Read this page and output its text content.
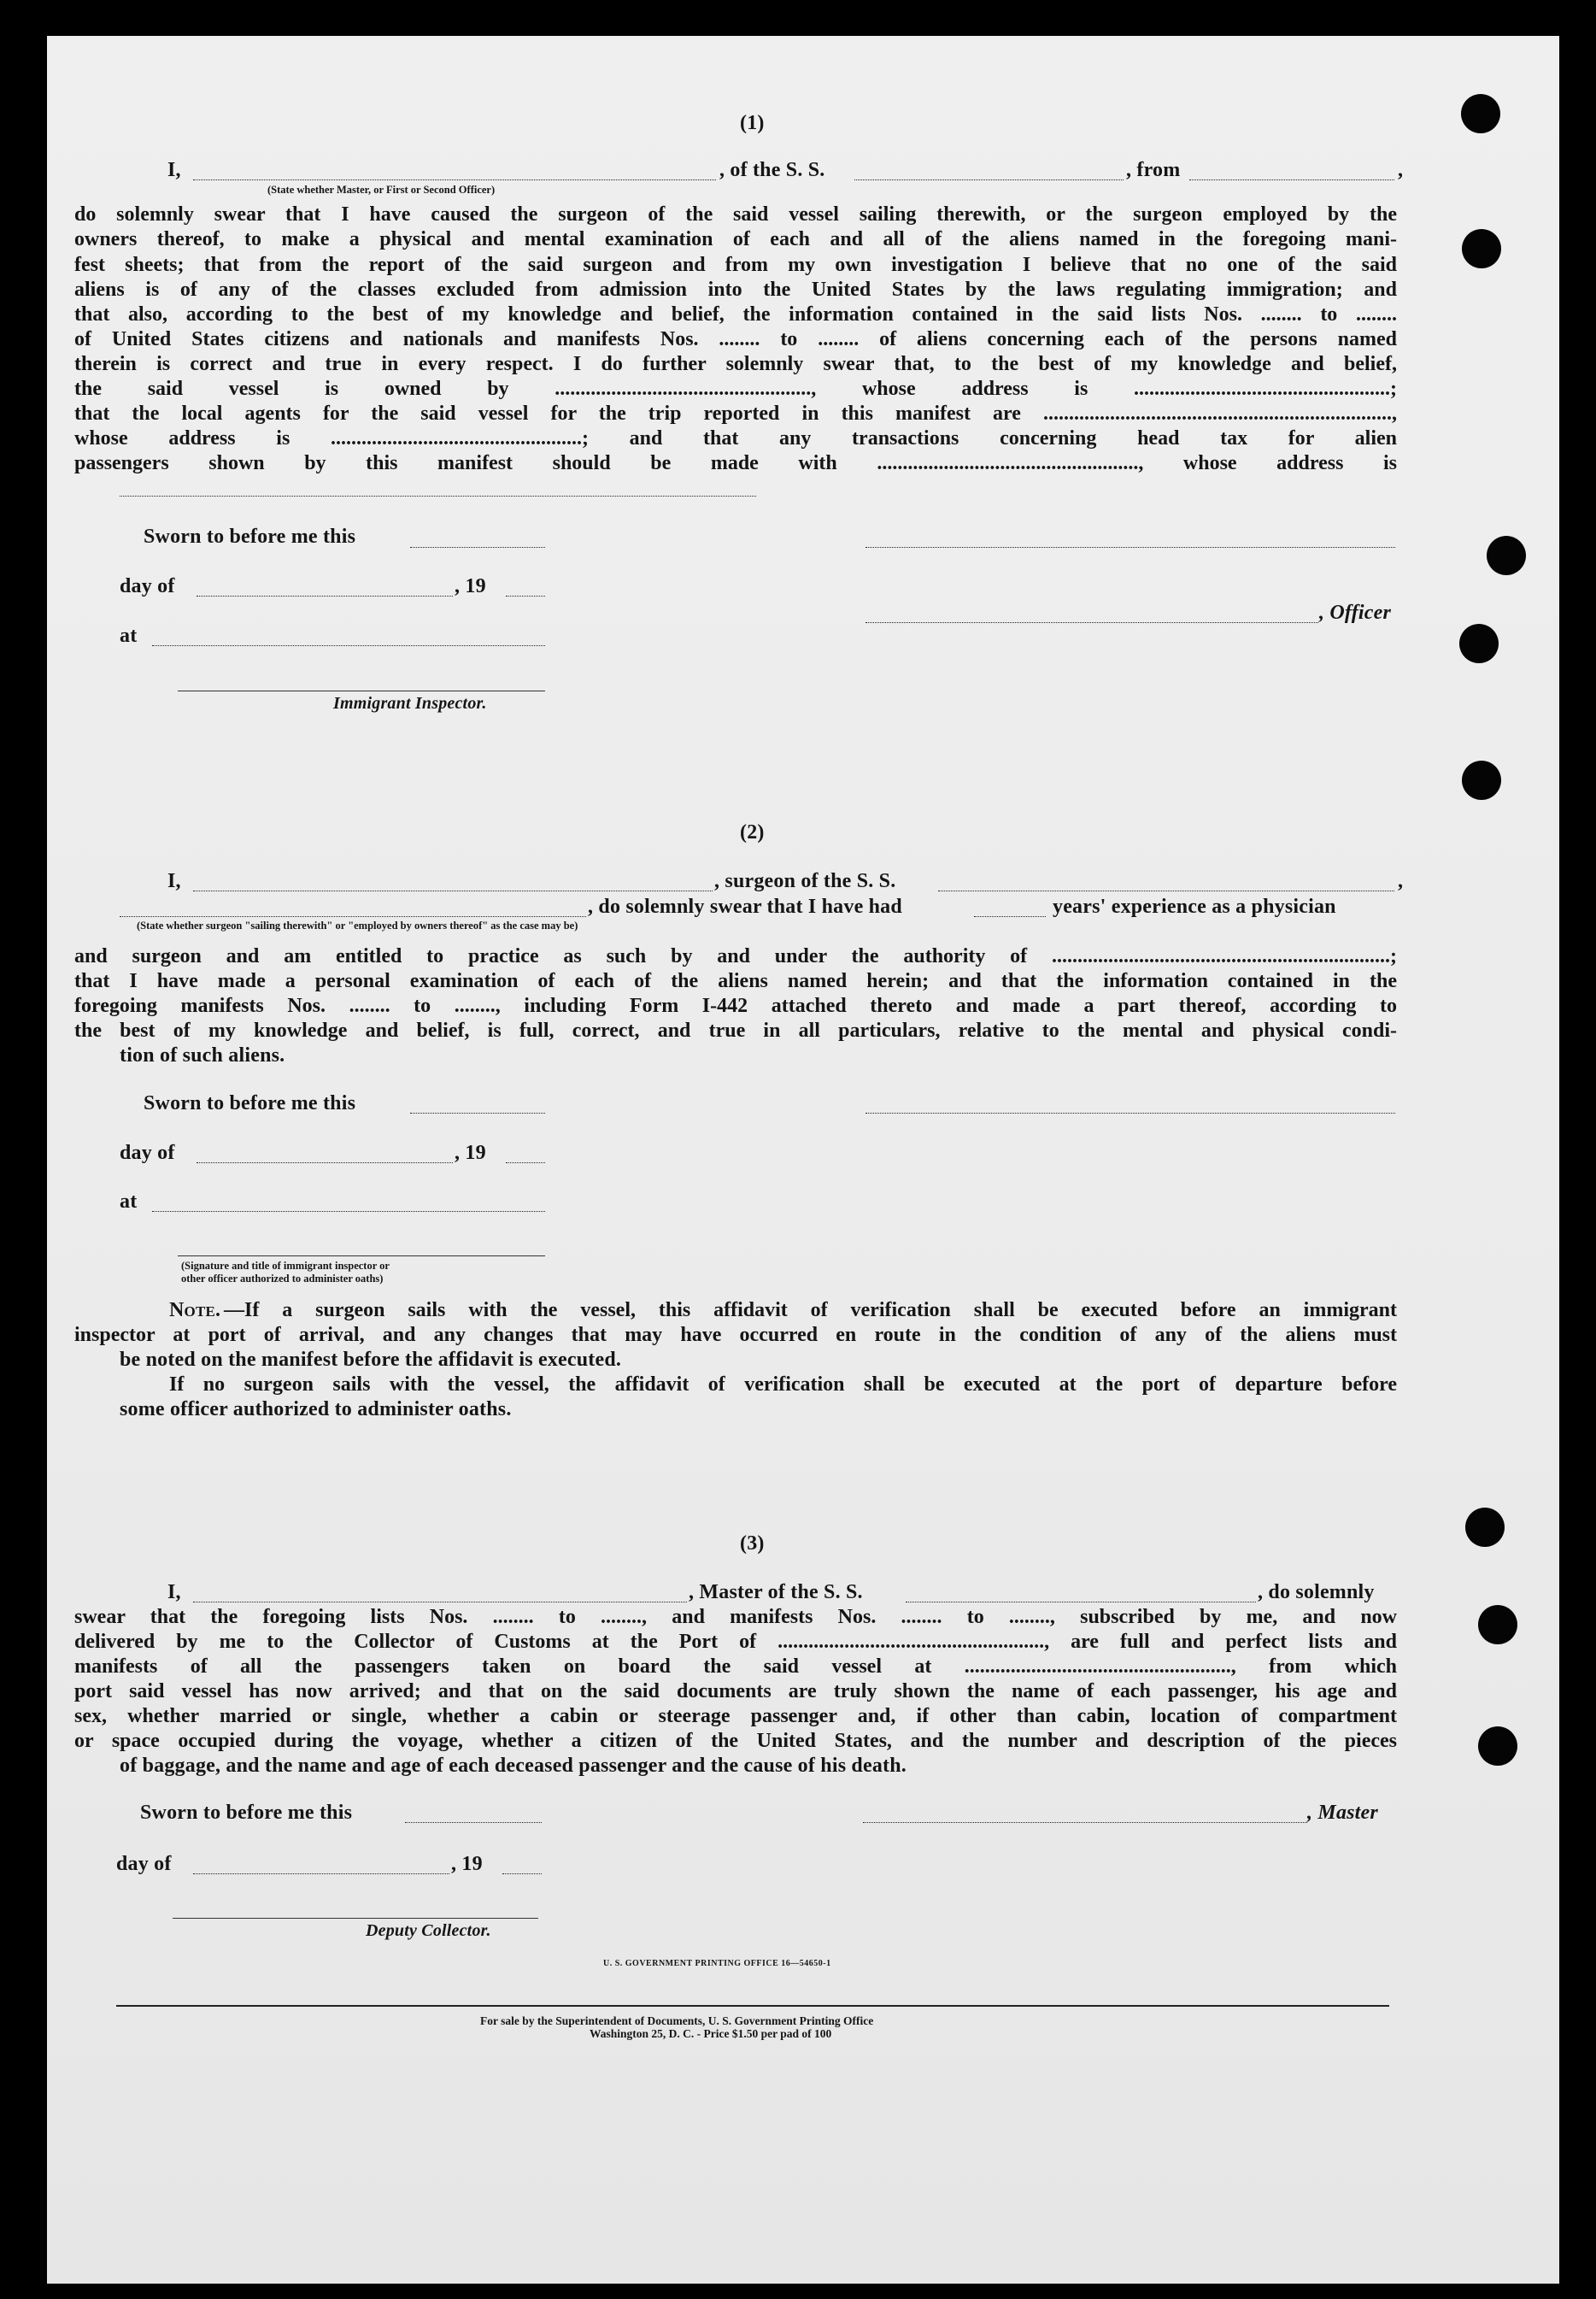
(1)
I,	, of the S. S.	, from	,
(State whether Master, or First or Second Officer)
do solemnly swear that I have caused the surgeon of the said vessel sailing therewith, or the surgeon employed by the
owners thereof, to make a physical and mental examination of each and all of the aliens named in the foregoing mani-
fest sheets; that from the report of the said surgeon and from my own investigation I believe that no one of the said
aliens is of any of the classes excluded from admission into the United States by the laws regulating immigration; and
that also, according to the best of my knowledge and belief, the information contained in the said lists Nos. ........ to ........
of United States citizens and nationals and manifests Nos. ........ to ........ of aliens concerning each of the persons named
therein is correct and true in every respect. I do further solemnly swear that, to the best of my knowledge and belief,
the said vessel is owned by .................................................., whose address is ..................................................;
that the local agents for the said vessel for the trip reported in this manifest are ....................................................................,
whose address is .................................................; and that any transactions concerning head tax for alien
passengers shown by this manifest should be made with ..................................................., whose address is
Sworn to before me this
day of	, 19
, Officer
at
Immigrant Inspector.
(2)
I,	, surgeon of the S. S.	,
, do solemnly swear that I have had	years' experience as a physician
(State whether surgeon "sailing therewith" or "employed by owners thereof" as the case may be)
and surgeon and am entitled to practice as such by and under the authority of ..................................................................;
that I have made a personal examination of each of the aliens named herein; and that the information contained in the
foregoing manifests Nos. ........ to ........, including Form I-442 attached thereto and made a part thereof, according to
the best of my knowledge and belief, is full, correct, and true in all particulars, relative to the mental and physical condi-
tion of such aliens.
Sworn to before me this
day of	, 19
at
(Signature and title of immigrant inspector or
other officer authorized to administer oaths)
Note. —If a surgeon sails with the vessel, this affidavit of verification shall be executed before an immigrant
inspector at port of arrival, and any changes that may have occurred en route in the condition of any of the aliens must
be noted on the manifest before the affidavit is executed.
If no surgeon sails with the vessel, the affidavit of verification shall be executed at the port of departure before
some officer authorized to administer oaths.
(3)
I,	, Master of the S. S.	, do solemnly
swear that the foregoing lists Nos. ........ to ........, and manifests Nos. ........ to ........, subscribed by me, and now
delivered by me to the Collector of Customs at the Port of ...................................................., are full and perfect lists and
manifests of all the passengers taken on board the said vessel at ...................................................., from which
port said vessel has now arrived; and that on the said documents are truly shown the name of each passenger, his age and
sex, whether married or single, whether a cabin or steerage passenger and, if other than cabin, location of compartment
or space occupied during the voyage, whether a citizen of the United States, and the number and description of the pieces
of baggage, and the name and age of each deceased passenger and the cause of his death.
Sworn to before me this	, Master
day of	, 19
Deputy Collector.
U. S. GOVERNMENT PRINTING OFFICE 16—54650-1
For sale by the Superintendent of Documents, U. S. Government Printing Office
Washington 25, D. C. - Price $1.50 per pad of 100
